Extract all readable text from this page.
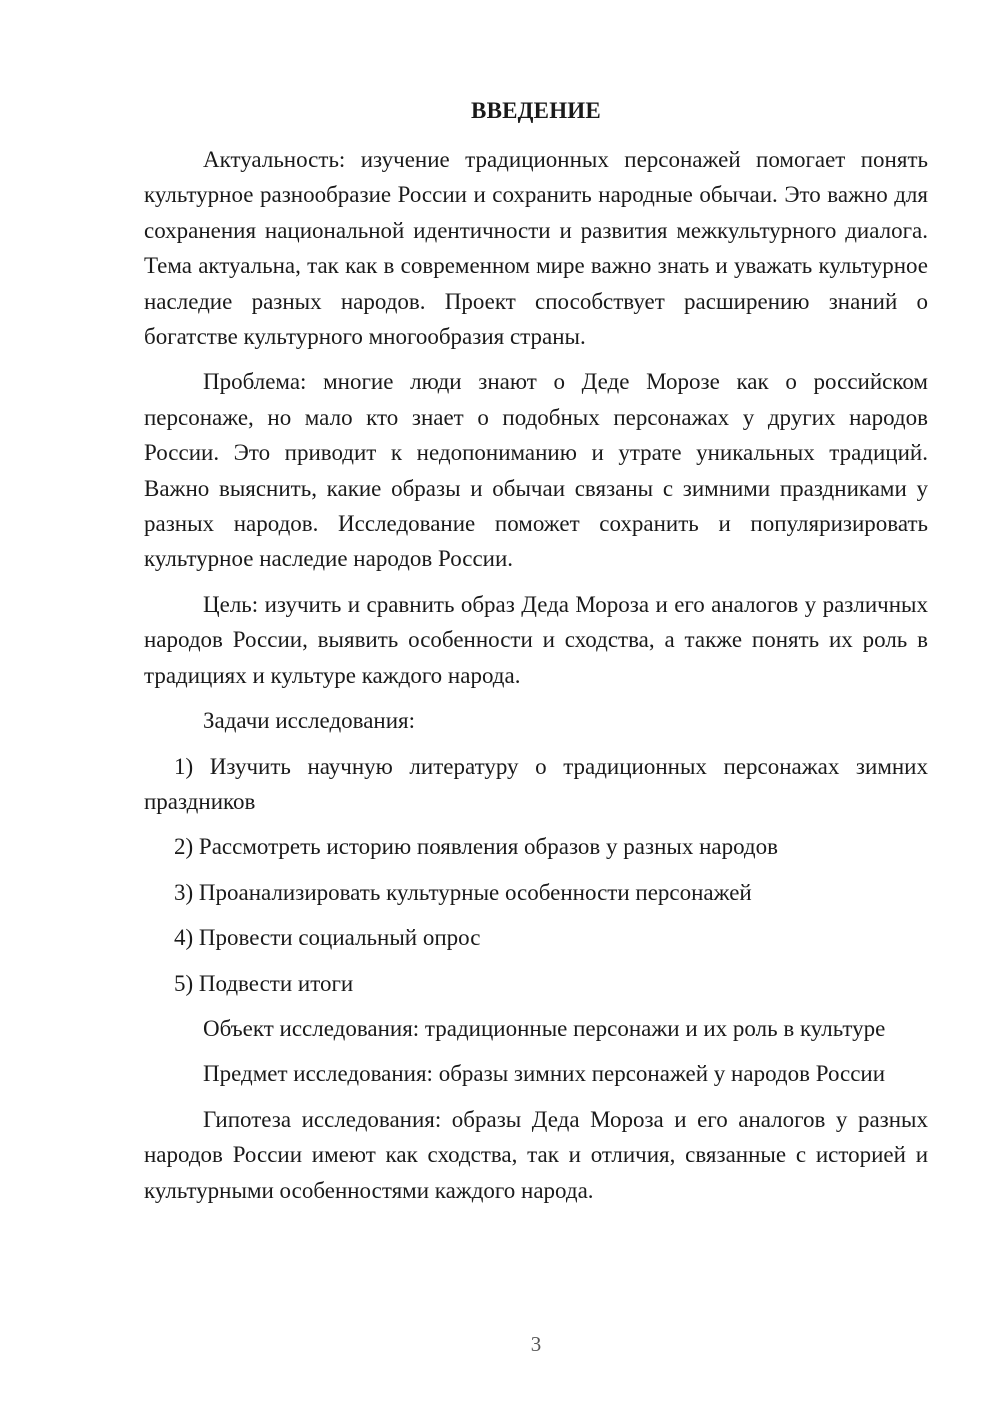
ВВЕДЕНИЕ

Актуальность: изучение традиционных персонажей помогает понять культурное разнообразие России и сохранить народные обычаи. Это важно для сохранения национальной идентичности и развития межкультурного диалога. Тема актуальна, так как в современном мире важно знать и уважать культурное наследие разных народов. Проект способствует расширению знаний о богатстве культурного многообразия страны.

Проблема: многие люди знают о Деде Морозе как о российском персонаже, но мало кто знает о подобных персонажах у других народов России. Это приводит к недопониманию и утрате уникальных традиций. Важно выяснить, какие образы и обычаи связаны с зимними праздниками у разных народов. Исследование поможет сохранить и популяризировать культурное наследие народов России.

Цель: изучить и сравнить образ Деда Мороза и его аналогов у различных народов России, выявить особенности и сходства, а также понять их роль в традициях и культуре каждого народа.

Задачи исследования:

1) Изучить научную литературу о традиционных персонажах зимних праздников

2) Рассмотреть историю появления образов у разных народов

3) Проанализировать культурные особенности персонажей

4) Провести социальный опрос

5) Подвести итоги

Объект исследования: традиционные персонажи и их роль в культуре

Предмет исследования: образы зимних персонажей у народов России

Гипотеза исследования: образы Деда Мороза и его аналогов у разных народов России имеют как сходства, так и отличия, связанные с историей и культурными особенностями каждого народа.

3
